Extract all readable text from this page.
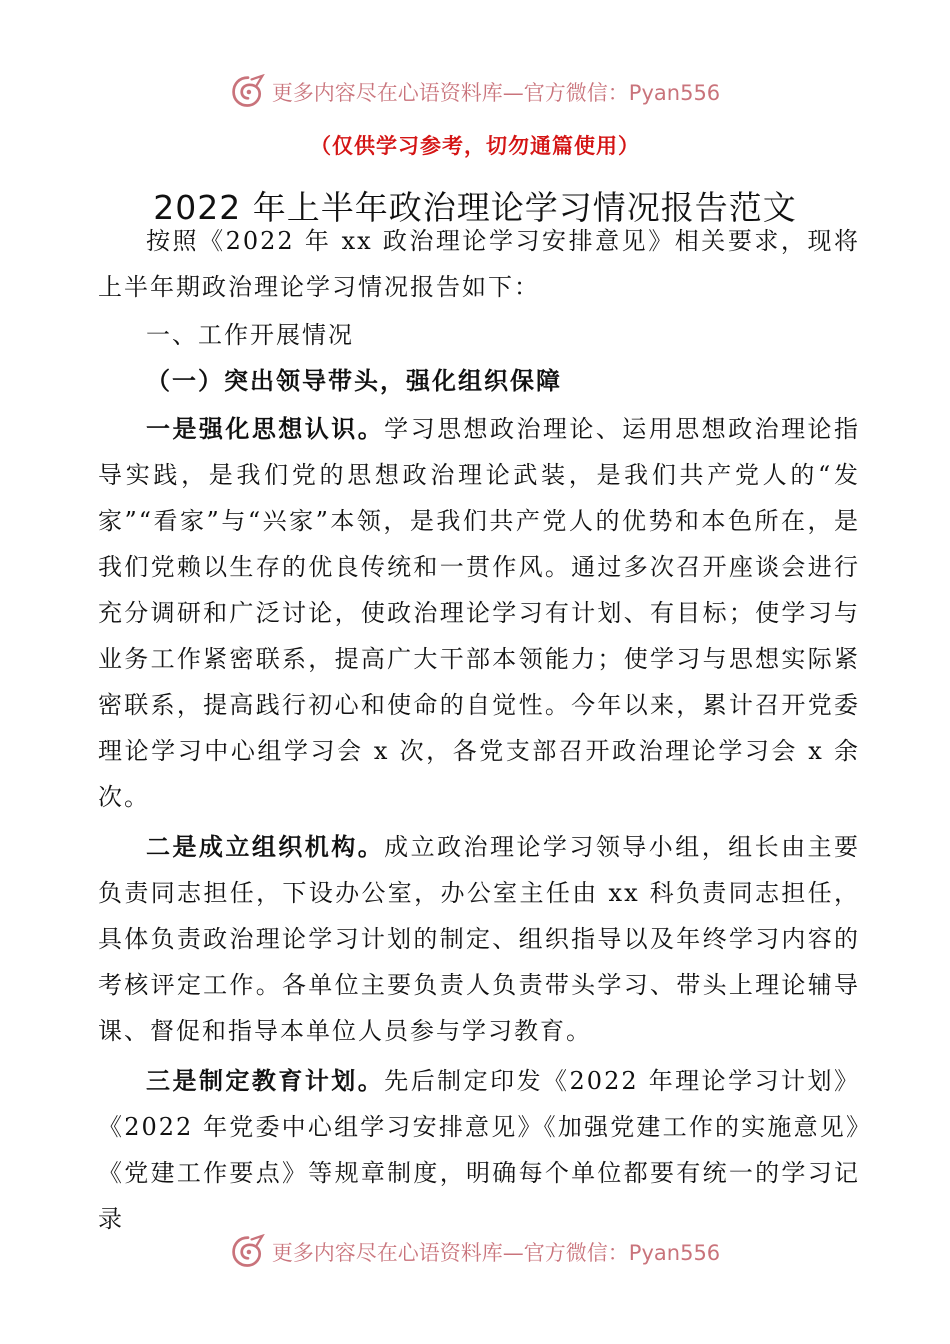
更多内容尽在心语资料库—官方微信：Pyan556
（仅供学习参考，切勿通篇使用）
2022 年上半年政治理论学习情况报告范文

按照《2022 年 xx 政治理论学习安排意见》相关要求，现将上半年期政治理论学习情况报告如下：

一、工作开展情况

（一）突出领导带头，强化组织保障

一是强化思想认识。学习思想政治理论、运用思想政治理论指导实践，是我们党的思想政治理论武装，是我们共产党人的“发家”“看家”与“兴家”本领，是我们共产党人的优势和本色所在，是我们党赖以生存的优良传统和一贯作风。通过多次召开座谈会进行充分调研和广泛讨论，使政治理论学习有计划、有目标；使学习与业务工作紧密联系，提高广大干部本领能力；使学习与思想实际紧密联系，提高践行初心和使命的自觉性。今年以来，累计召开党委理论学习中心组学习会 x 次，各党支部召开政治理论学习会 x 余次。

二是成立组织机构。成立政治理论学习领导小组，组长由主要负责同志担任，下设办公室，办公室主任由 xx 科负责同志担任，具体负责政治理论学习计划的制定、组织指导以及年终学习内容的考核评定工作。各单位主要负责人负责带头学习、带头上理论辅导课、督促和指导本单位人员参与学习教育。

三是制定教育计划。先后制定印发《2022 年理论学习计划》《2022 年党委中心组学习安排意见》《加强党建工作的实施意见》《党建工作要点》等规章制度，明确每个单位都要有统一的学习记录

更多内容尽在心语资料库—官方微信：Pyan556
